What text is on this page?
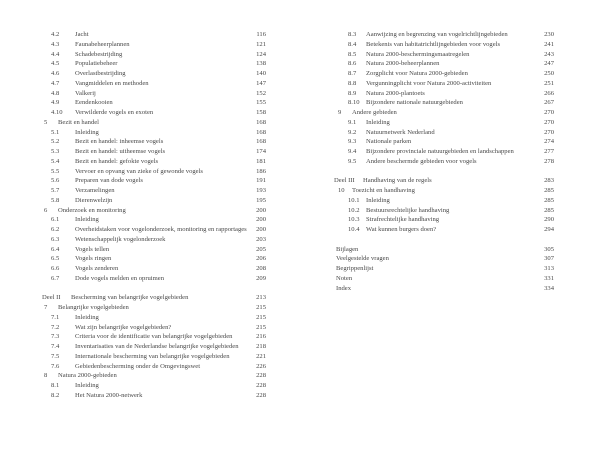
4.2 Jacht	116
4.3 Faunabeheerplannen	121
4.4 Schadebestrijding	124
4.5 Populatiebeheer	138
4.6 Overlastbestrijding	140
4.7 Vangmiddelen en methoden	147
4.8 Valkerij	152
4.9 Eendenkooien	155
4.10 Verwilderde vogels en exoten	158
5 Bezit en handel	168
5.1 Inleiding	168
5.2 Bezit en handel: inheemse vogels	168
5.3 Bezit en handel: uitheemse vogels	174
5.4 Bezit en handel: gefokte vogels	181
5.5 Vervoer en opvang van zieke of gewonde vogels	186
5.6 Preparen van dode vogels	191
5.7 Verzamelingen	193
5.8 Dierenwelzijn	195
6 Onderzoek en monitoring	200
6.1 Inleiding	200
6.2 Overheidstaken voor vogelonderzoek, monitoring en rapportages 200
6.3 Wetenschappelijk vogelonderzoek	203
6.4 Vogels tellen	205
6.5 Vogels ringen	206
6.6 Vogels zenderen	208
6.7 Dode vogels melden en opruimen	209
Deel II Bescherming van belangrijke vogelgebieden	213
7 Belangrijke vogelgebieden	215
7.1 Inleiding	215
7.2 Wat zijn belangrijke vogelgebieden?	215
7.3 Criteria voor de identificatie van belangrijke vogelgebieden	216
7.4 Inventarisaties van de Nederlandse belangrijke vogelgebieden	218
7.5 Internationale bescherming van belangrijke vogelgebieden	221
7.6 Gebiedenbescherming onder de Omgevingswet	226
8 Natura 2000-gebieden	228
8.1 Inleiding	228
8.2 Het Natura 2000-netwerk	228
8.3 Aanwijzing en begrenzing van vogelrichtlijngebieden	230
8.4 Betekenis van habitatrichtlijngebieden voor vogels	241
8.5 Natura 2000-beschermingsmaatregelen	243
8.6 Natura 2000-beheerplannen	247
8.7 Zorgplicht voor Natura 2000-gebieden	250
8.8 Vergunningplicht voor Natura 2000-activiteiten	251
8.9 Natura 2000-plantoets	266
8.10 Bijzondere nationale natuurgebieden	267
9 Andere gebieden	270
9.1 Inleiding	270
9.2 Natuurnetwerk Nederland	270
9.3 Nationale parken	274
9.4 Bijzondere provinciale natuurgebieden en landschappen	277
9.5 Andere beschermde gebieden voor vogels	278
Deel III Handhaving van de regels	283
10 Toezicht en handhaving	285
10.1 Inleiding	285
10.2 Bestuursrechtelijke handhaving	285
10.3 Strafrechtelijke handhaving	290
10.4 Wat kunnen burgers doen?	294
Bijlagen	305
Veelgestelde vragen	307
Begrippenlijst	313
Noten	331
Index	334
